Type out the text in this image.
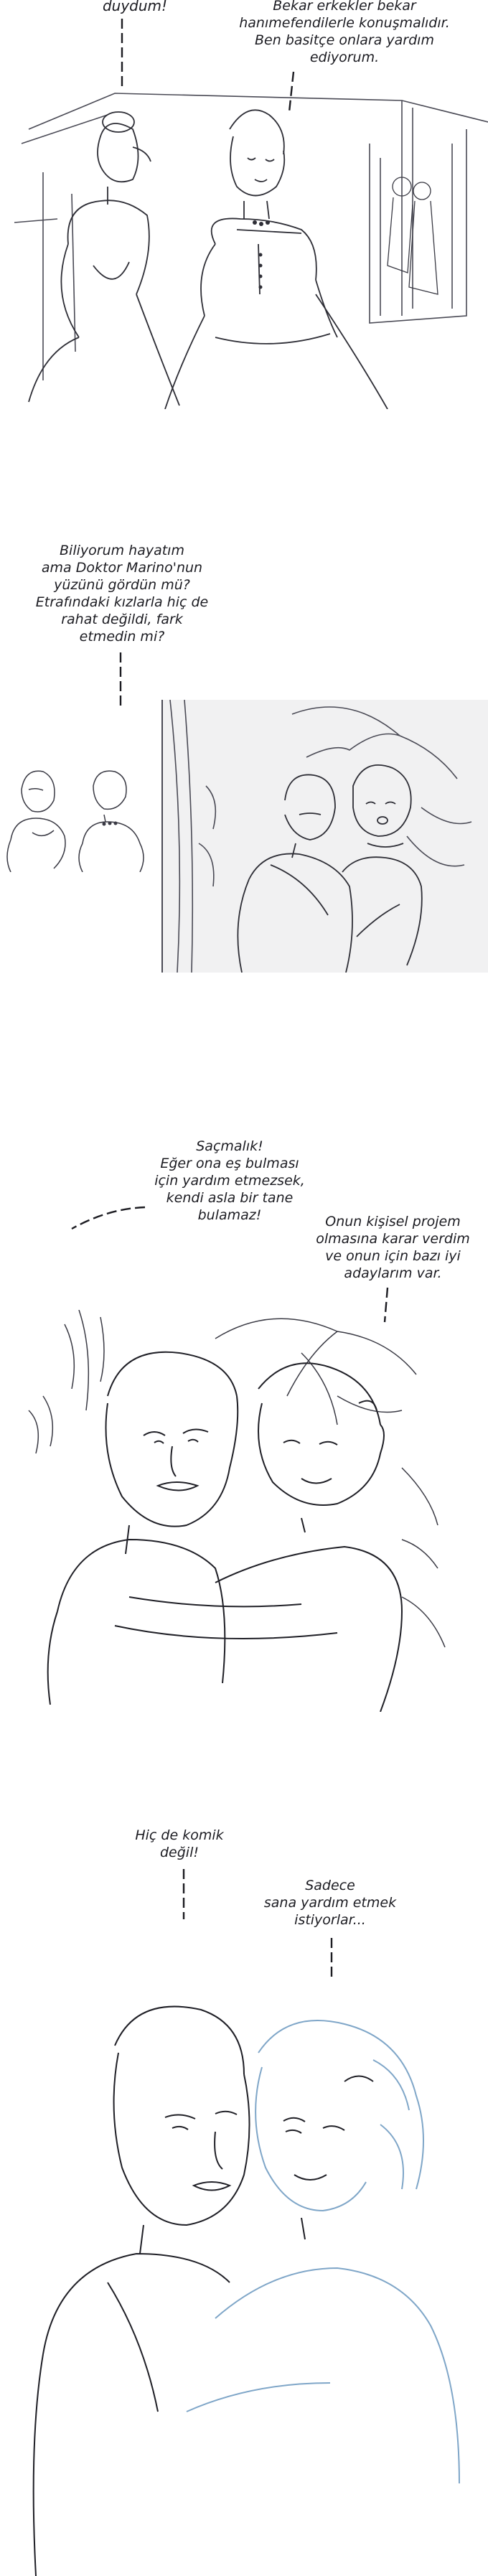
duydum!	Bekar erkekler bekar
hanımefendilerle konuşmalıdır.
Ben basitçe onlara yardım
ediyorum.
Biliyorum hayatım
ama Doktor Marino'nun
yüzünü gördün mü?
Etrafındaki kızlarla hiç de
rahat değildi, fark
etmedin mi?
Saçmalık!
Eğer ona eş bulması
için yardım etmezsek,
kendi asla bir tane
bulamaz!	Onun kişisel projem
olmasına karar verdim
ve onun için bazı iyi
adaylarım var.
Hiç de komik
değil!
Sadece
sana yardım etmek
istiyorlar...
